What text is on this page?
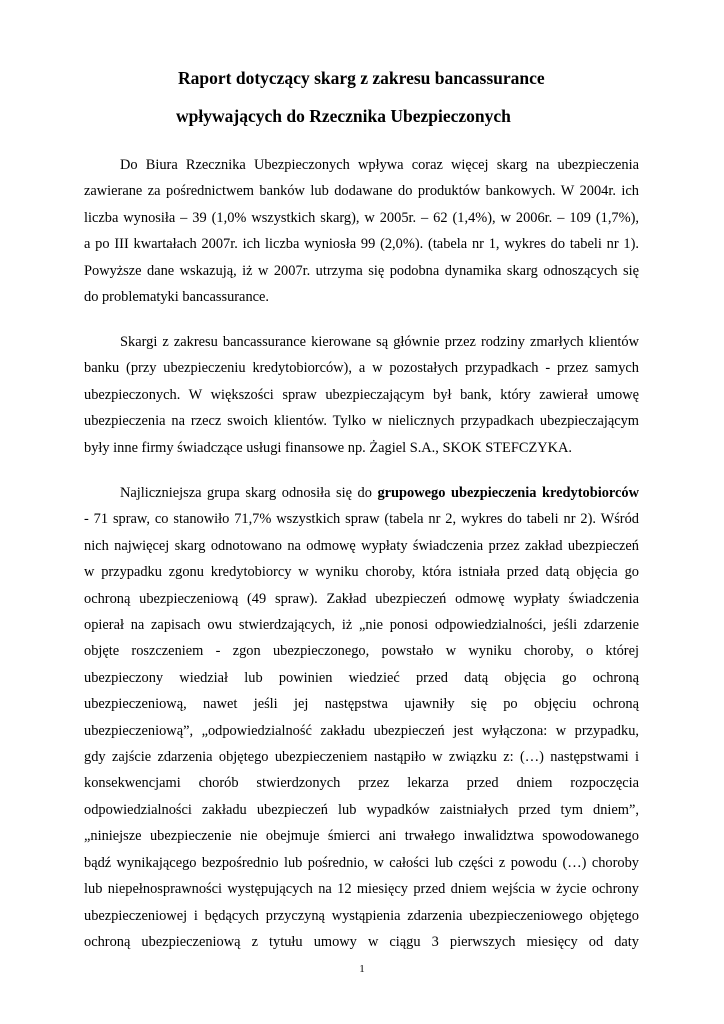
Raport dotyczący skarg z zakresu bancassurance
wpływających do Rzecznika Ubezpieczonych
Do Biura Rzecznika Ubezpieczonych wpływa coraz więcej skarg na ubezpieczenia
zawierane za pośrednictwem banków lub dodawane do produktów bankowych. W 2004r. ich
liczba wynosiła – 39 (1,0% wszystkich skarg), w 2005r. – 62 (1,4%), w 2006r. – 109 (1,7%),
a po III kwartałach 2007r. ich liczba wyniosła 99 (2,0%). (tabela nr 1, wykres do tabeli nr 1).
Powyższe dane wskazują, iż w 2007r. utrzyma się podobna dynamika skarg odnoszących się
do problematyki bancassurance.
Skargi z zakresu bancassurance kierowane są głównie przez rodziny zmarłych klientów
banku (przy ubezpieczeniu kredytobiorców), a w pozostałych przypadkach - przez samych
ubezpieczonych. W większości spraw ubezpieczającym był bank, który zawierał umowę
ubezpieczenia na rzecz swoich klientów. Tylko w nielicznych przypadkach ubezpieczającym
były inne firmy świadczące usługi finansowe np. Żagiel S.A., SKOK STEFCZYKA.
Najliczniejsza grupa skarg odnosiła się do grupowego ubezpieczenia kredytobiorców
- 71 spraw, co stanowiło 71,7% wszystkich spraw (tabela nr 2, wykres do tabeli nr 2). Wśród
nich najwięcej skarg odnotowano na odmowę wypłaty świadczenia przez zakład ubezpieczeń
w przypadku zgonu kredytobiorcy w wyniku choroby, która istniała przed datą objęcia go
ochroną ubezpieczeniową (49 spraw). Zakład ubezpieczeń odmowę wypłaty świadczenia
opierał na zapisach owu stwierdzających, iż „nie ponosi odpowiedzialności, jeśli zdarzenie
objęte roszczeniem - zgon ubezpieczonego, powstało w wyniku choroby, o której
ubezpieczony wiedział lub powinien wiedzieć przed datą objęcia go ochroną
ubezpieczeniową, nawet jeśli jej następstwa ujawniły się po objęciu ochroną
ubezpieczeniową”, „odpowiedzialność zakładu ubezpieczeń jest wyłączona: w przypadku,
gdy zajście zdarzenia objętego ubezpieczeniem nastąpiło w związku z: (…) następstwami i
konsekwencjami chorób stwierdzonych przez lekarza przed dniem rozpoczęcia
odpowiedzialności zakładu ubezpieczeń lub wypadków zaistniałych przed tym dniem”,
„niniejsze ubezpieczenie nie obejmuje śmierci ani trwałego inwalidztwa spowodowanego
bądź wynikającego bezpośrednio lub pośrednio, w całości lub części z powodu (…) choroby
lub niepełnosprawności występujących na 12 miesięcy przed dniem wejścia w życie ochrony
ubezpieczeniowej i będących przyczyną wystąpienia zdarzenia ubezpieczeniowego objętego
ochroną ubezpieczeniową z tytułu umowy w ciągu 3 pierwszych miesięcy od daty
1
